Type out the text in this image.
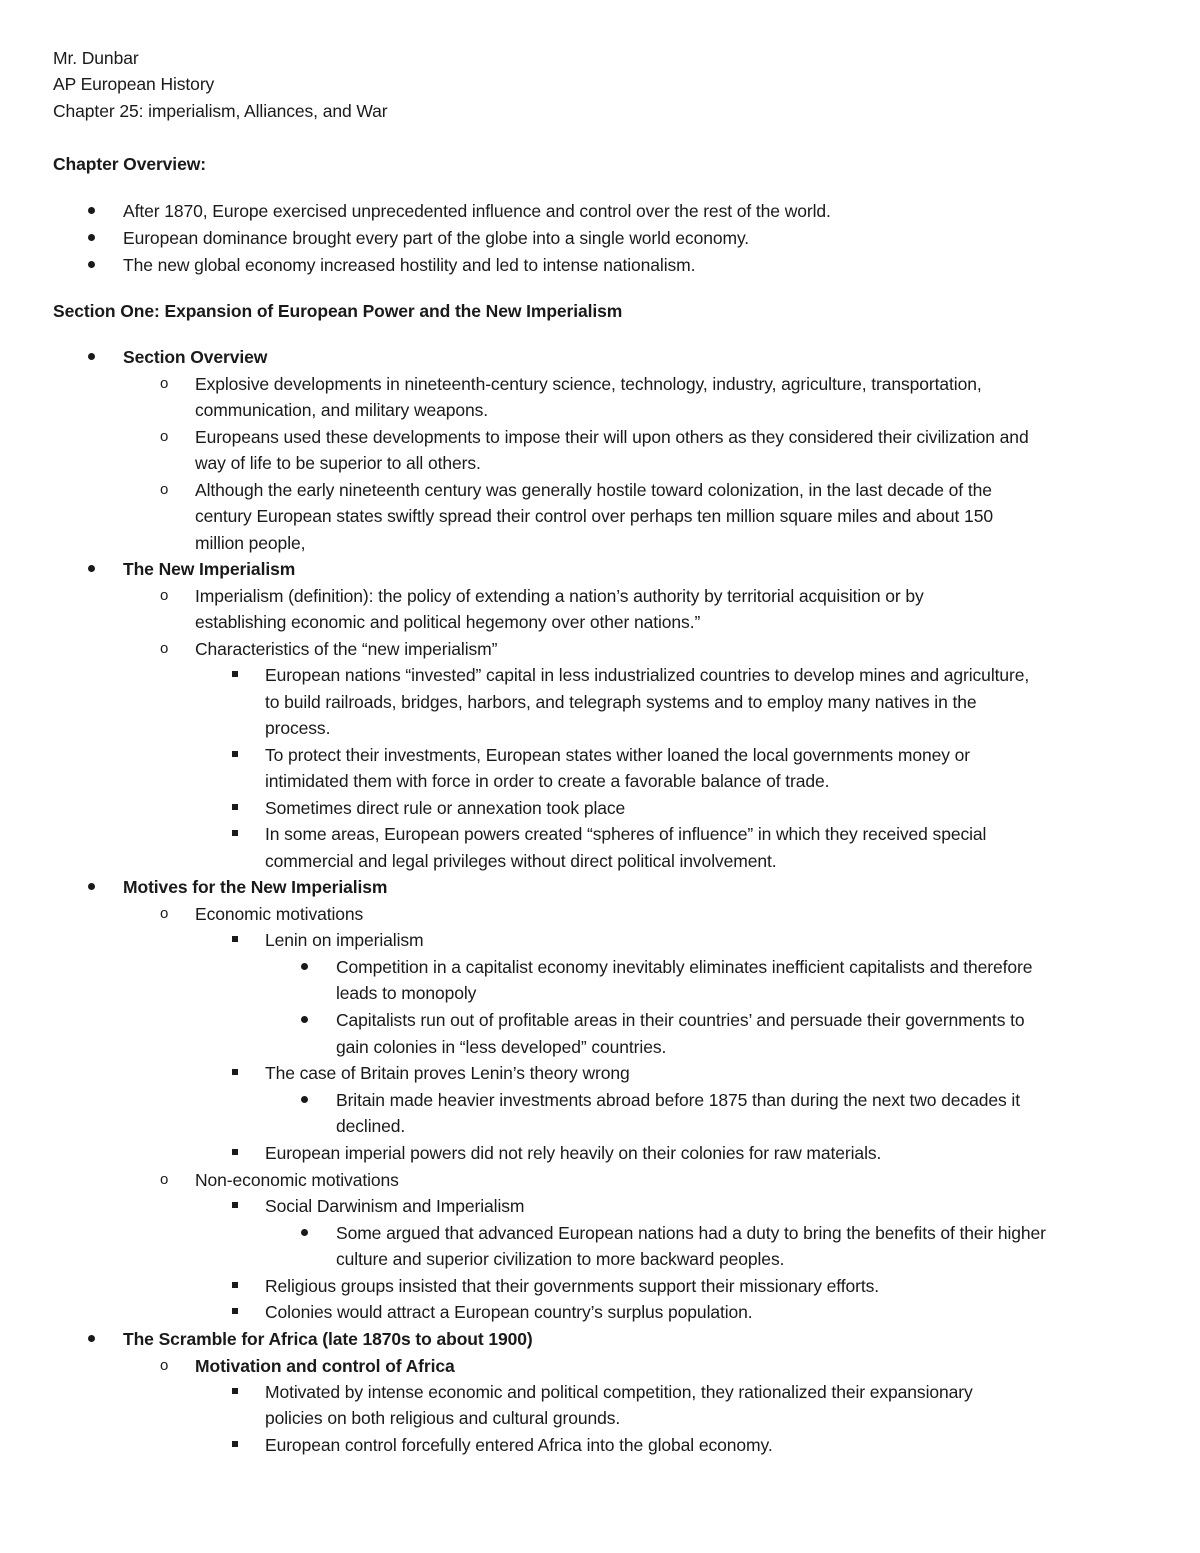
Mr. Dunbar
AP European History
Chapter 25: imperialism, Alliances, and War
Chapter Overview:
After 1870, Europe exercised unprecedented influence and control over the rest of the world.
European dominance brought every part of the globe into a single world economy.
The new global economy increased hostility and led to intense nationalism.
Section One: Expansion of European Power and the New Imperialism
Section Overview
o Explosive developments in nineteenth-century science, technology, industry, agriculture, transportation,
communication, and military weapons.
o Europeans used these developments to impose their will upon others as they considered their civilization and
way of life to be superior to all others.
o Although the early nineteenth century was generally hostile toward colonization, in the last decade of the
century European states swiftly spread their control over perhaps ten million square miles and about 150
million people,
The New Imperialism
o Imperialism (definition): the policy of extending a nation’s authority by territorial acquisition or by
establishing economic and political hegemony over other nations.”
o Characteristics of the “new imperialism”
European nations “invested” capital in less industrialized countries to develop mines and agriculture,
to build railroads, bridges, harbors, and telegraph systems and to employ many natives in the
process.
To protect their investments, European states wither loaned the local governments money or
intimidated them with force in order to create a favorable balance of trade.
Sometimes direct rule or annexation took place
In some areas, European powers created “spheres of influence” in which they received special
commercial and legal privileges without direct political involvement.
Motives for the New Imperialism
o Economic motivations
Lenin on imperialism
Competition in a capitalist economy inevitably eliminates inefficient capitalists and therefore
leads to monopoly
Capitalists run out of profitable areas in their countries’ and persuade their governments to
gain colonies in “less developed” countries.
The case of Britain proves Lenin’s theory wrong
Britain made heavier investments abroad before 1875 than during the next two decades it
declined.
European imperial powers did not rely heavily on their colonies for raw materials.
o Non-economic motivations
Social Darwinism and Imperialism
Some argued that advanced European nations had a duty to bring the benefits of their higher
culture and superior civilization to more backward peoples.
Religious groups insisted that their governments support their missionary efforts.
Colonies would attract a European country’s surplus population.
The Scramble for Africa (late 1870s to about 1900)
o Motivation and control of Africa
Motivated by intense economic and political competition, they rationalized their expansionary
policies on both religious and cultural grounds.
European control forcefully entered Africa into the global economy.
